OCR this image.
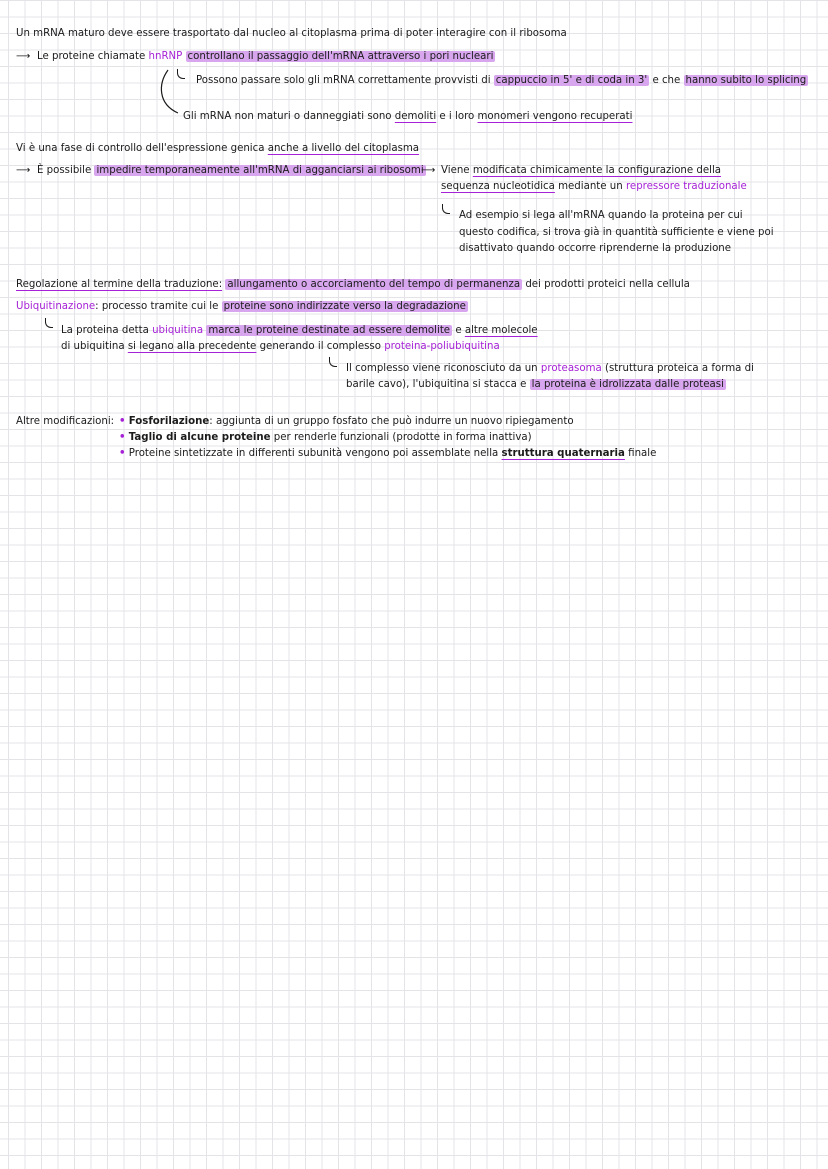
Un mRNA maturo deve essere trasportato dal nucleo al citoplasma prima di poter interagire con il ribosoma
⟶ Le proteine chiamate hnRNP controllano il passaggio dell'mRNA attraverso i pori nucleari
Possono passare solo gli mRNA correttamente provvisti di cappuccio in 5' e di coda in 3' e che hanno subito lo splicing
Gli mRNA non maturi o danneggiati sono demoliti e i loro monomeri vengono recuperati
Vi è una fase di controllo dell'espressione genica anche a livello del citoplasma
⟶ È possibile impedire temporaneamente all'mRNA di agganciarsi ai ribosomi
⟶ Viene modificata chimicamente la configurazione della
sequenza nucleotidica mediante un repressore traduzionale
Ad esempio si lega all'mRNA quando la proteina per cui
questo codifica, si trova già in quantità sufficiente e viene poi
disattivato quando occorre riprenderne la produzione
Regolazione al termine della traduzione: allungamento o accorciamento del tempo di permanenza dei prodotti proteici nella cellula
Ubiquitinazione: processo tramite cui le proteine sono indirizzate verso la degradazione
La proteina detta ubiquitina marca le proteine destinate ad essere demolite e altre molecole
di ubiquitina si legano alla precedente generando il complesso proteina-poliubiquitina
Il complesso viene riconosciuto da un proteasoma (struttura proteica a forma di
barile cavo), l'ubiquitina si stacca e la proteina è idrolizzata dalle proteasi
Altre modificazioni: • Fosforilazione: aggiunta di un gruppo fosfato che può indurre un nuovo ripiegamento
• Taglio di alcune proteine per renderle funzionali (prodotte in forma inattiva)
• Proteine sintetizzate in differenti subunità vengono poi assemblate nella struttura quaternaria finale
